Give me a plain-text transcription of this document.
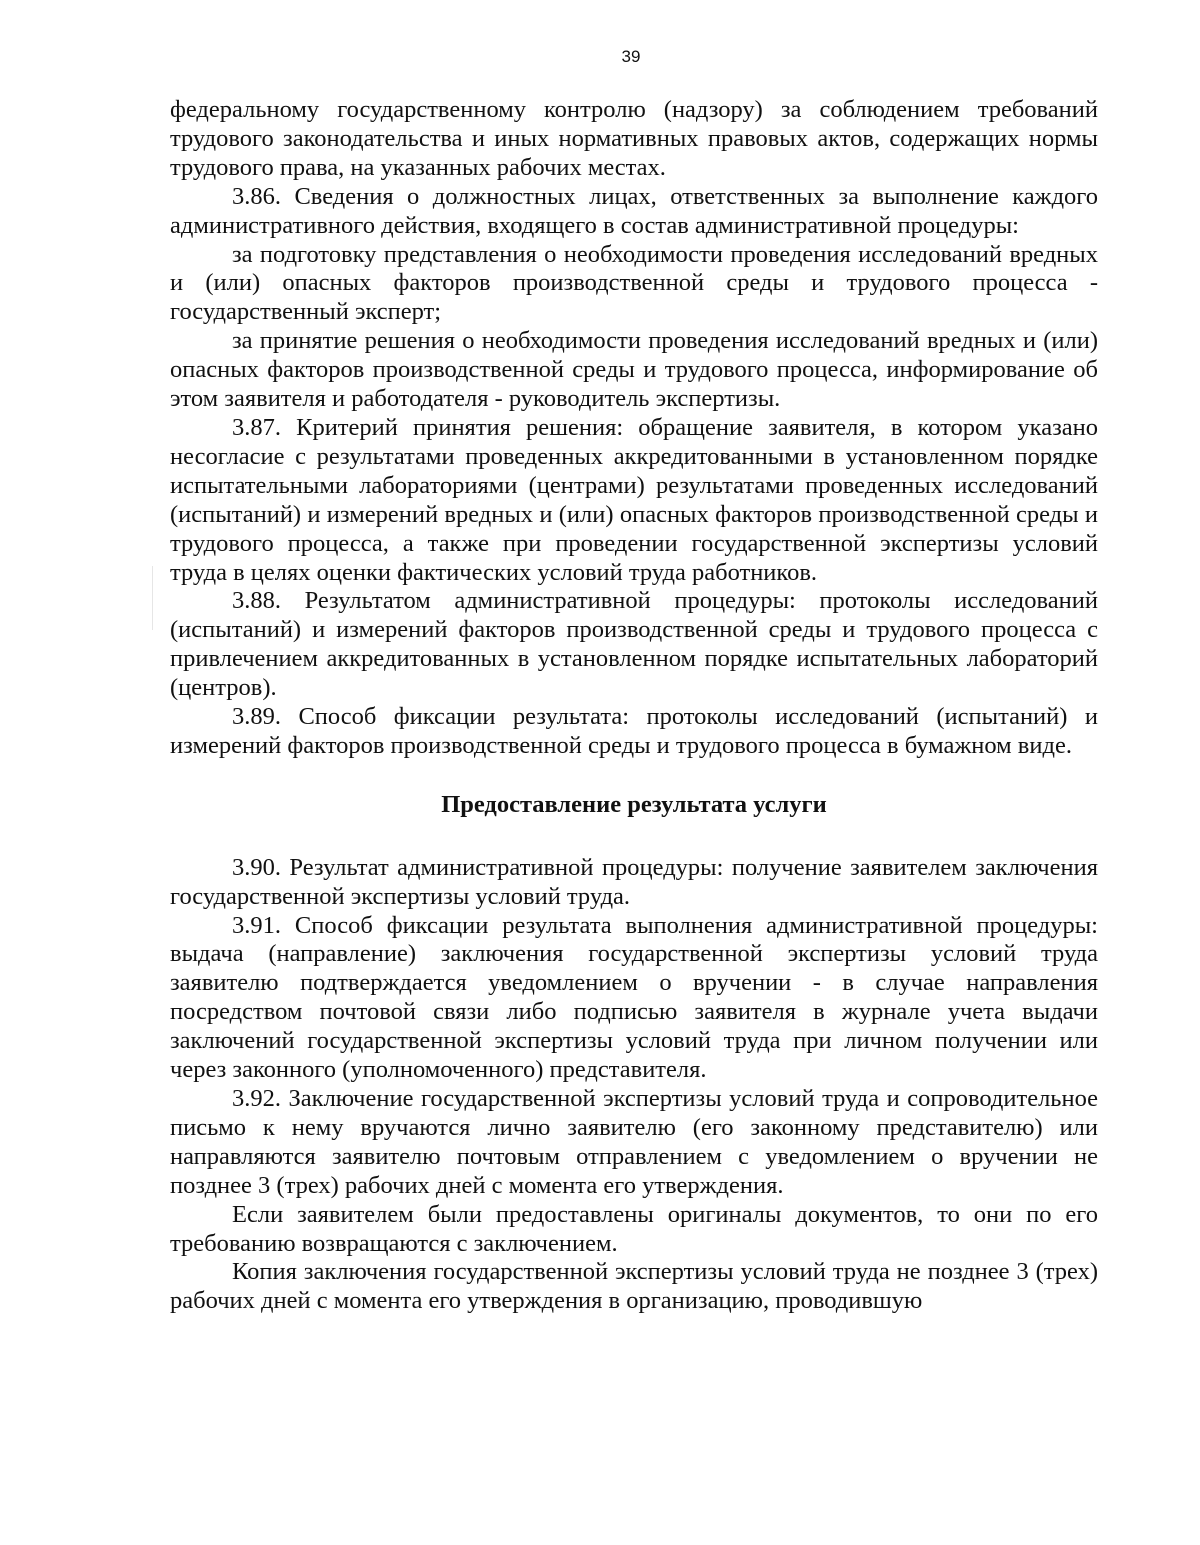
39

федеральному государственному контролю (надзору) за соблюдением требований трудового законодательства и иных нормативных правовых актов, содержащих нормы трудового права, на указанных рабочих местах.

3.86. Сведения о должностных лицах, ответственных за выполнение каждого административного действия, входящего в состав административной процедуры:

за подготовку представления о необходимости проведения исследований вредных и (или) опасных факторов производственной среды и трудового процесса - государственный эксперт;

за принятие решения о необходимости проведения исследований вредных и (или) опасных факторов производственной среды и трудового процесса, информирование об этом заявителя и работодателя - руководитель экспертизы.

3.87. Критерий принятия решения: обращение заявителя, в котором указано несогласие с результатами проведенных аккредитованными в установленном порядке испытательными лабораториями (центрами) результатами проведенных исследований (испытаний) и измерений вредных и (или) опасных факторов производственной среды и трудового процесса, а также при проведении государственной экспертизы условий труда в целях оценки фактических условий труда работников.

3.88. Результатом административной процедуры: протоколы исследований (испытаний) и измерений факторов производственной среды и трудового процесса с привлечением аккредитованных в установленном порядке испытательных лабораторий (центров).

3.89. Способ фиксации результата: протоколы исследований (испытаний) и измерений факторов производственной среды и трудового процесса в бумажном виде.

Предоставление результата услуги

3.90. Результат административной процедуры: получение заявителем заключения государственной экспертизы условий труда.

3.91. Способ фиксации результата выполнения административной процедуры: выдача (направление) заключения государственной экспертизы условий труда заявителю подтверждается уведомлением о вручении - в случае направления посредством почтовой связи либо подписью заявителя в журнале учета выдачи заключений государственной экспертизы условий труда при личном получении или через законного (уполномоченного) представителя.

3.92. Заключение государственной экспертизы условий труда и сопроводительное письмо к нему вручаются лично заявителю (его законному представителю) или направляются заявителю почтовым отправлением с уведомлением о вручении не позднее 3 (трех) рабочих дней с момента его утверждения.

Если заявителем были предоставлены оригиналы документов, то они по его требованию возвращаются с заключением.

Копия заключения государственной экспертизы условий труда не позднее 3 (трех) рабочих дней с момента его утверждения в организацию, проводившую
